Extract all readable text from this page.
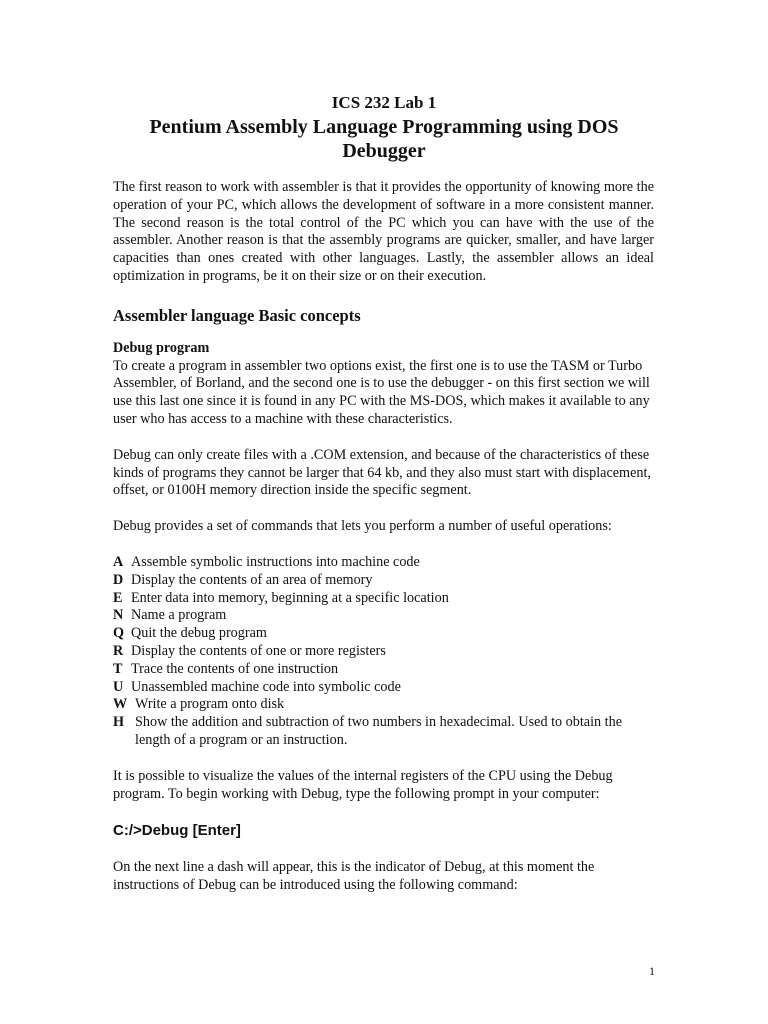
ICS 232 Lab 1
Pentium Assembly Language Programming using DOS Debugger

The first reason to work with assembler is that it provides the opportunity of knowing more the operation of your PC, which allows the development of software in a more consistent manner. The second reason is the total control of the PC which you can have with the use of the assembler. Another reason is that the assembly programs are quicker, smaller, and have larger capacities than ones created with other languages. Lastly, the assembler allows an ideal optimization in programs, be it on their size or on their execution.

Assembler language Basic concepts
Debug program

To create a program in assembler two options exist, the first one is to use the TASM or Turbo Assembler, of Borland, and the second one is to use the debugger - on this first section we will use this last one since it is found in any PC with the MS-DOS, which makes it available to any user who has access to a machine with these characteristics.

Debug can only create files with a .COM extension, and because of the characteristics of these kinds of programs they cannot be larger that 64 kb, and they also must start with displacement, offset, or 0100H memory direction inside the specific segment.

Debug provides a set of commands that lets you perform a number of useful operations:

A Assemble symbolic instructions into machine code
D Display the contents of an area of memory
E Enter data into memory, beginning at a specific location
N Name a program
Q Quit the debug program
R Display the contents of one or more registers
T Trace the contents of one instruction
U Unassembled machine code into symbolic code
W Write a program onto disk
H Show the addition and subtraction of two numbers in hexadecimal. Used to obtain the length of a program or an instruction.

It is possible to visualize the values of the internal registers of the CPU using the Debug program. To begin working with Debug, type the following prompt in your computer:

C:/>Debug [Enter]

On the next line a dash will appear, this is the indicator of Debug, at this moment the instructions of Debug can be introduced using the following command:

1
